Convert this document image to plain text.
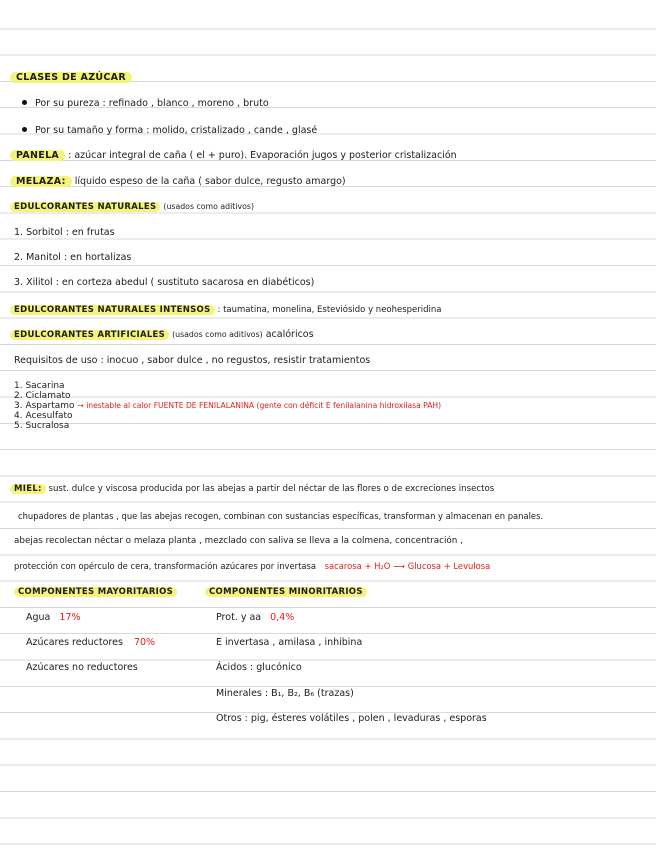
CLASES DE AZÚCAR
Por su pureza : refinado , blanco , moreno , bruto
Por su tamaño y forma : molido, cristalizado , cande , glasé
PANELA : azúcar integral de caña ( el + puro). Evaporación jugos y posterior cristalización
MELAZA: líquido espeso de la caña ( sabor dulce, regusto amargo)
EDULCORANTES NATURALES (usados como aditivos)
1. Sorbitol : en frutas
2. Manitol : en hortalizas
3. Xilitol : en corteza abedul ( sustituto sacarosa en diabéticos)
EDULCORANTES NATURALES INTENSOS : taumatina, monelina, Esteviósido y neohesperidina
EDULCORANTES ARTIFICIALES (usados como aditivos) acalóricos
Requisitos de uso : inocuo , sabor dulce , no regustos, resistir tratamientos
1. Sacarina
2. Ciclamato
3. Aspartamo → inestable al calor FUENTE DE FENILALANINA (gente con déficit E fenilalanina hidroxilasa PAH)
4. Acesulfato
5. Sucralosa
MIEL: sust. dulce y viscosa producida por las abejas a partir del néctar de las flores o de excreciones insectos
chupadores de plantas , que las abejas recogen, combinan con sustancias específicas, transforman y almacenan en panales.
abejas recolectan néctar o melaza planta , mezclado con saliva se lleva a la colmena, concentración ,
protección con opérculo de cera, transformación azúcares por invertasa sacarosa + H₂O ⟶ Glucosa + Levulosa
COMPONENTES MAYORITARIOS	COMPONENTES MINORITARIOS
Agua 17%
Azúcares reductores 70%
Azúcares no reductores
Prot. y aa 0,4%
E invertasa , amilasa , inhibina
Ácidos : glucónico
Minerales : B₁, B₂, B₆ (trazas)
Otros : pig, ésteres volátiles , polen , levaduras , esporas
